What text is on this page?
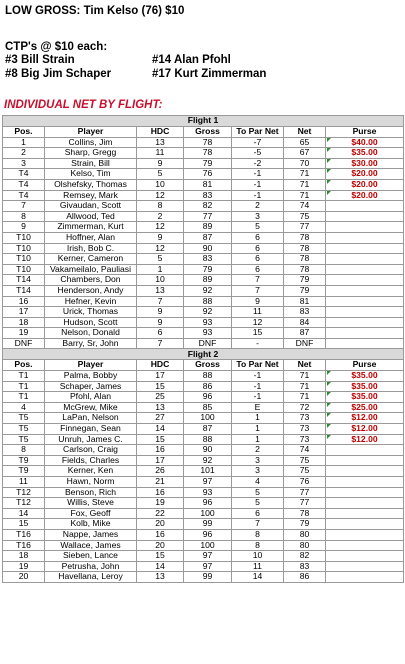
LOW GROSS: Tim Kelso (76) $10
CTP's @ $10 each:
#3 Bill Strain	#14 Alan Pfohl
#8 Big Jim Schaper	#17 Kurt Zimmerman
INDIVIDUAL NET BY FLIGHT:
Flight 1						
Pos.	Player	HDC	Gross	To Par Net	Net	Purse
1	Collins, Jim	13	78	-7	65	$40.00
2	Sharp, Gregg	11	78	-5	67	$35.00
3	Strain, Bill	9	79	-2	70	$30.00
T4	Kelso, Tim	5	76	-1	71	$20.00
T4	Olshefsky, Thomas	10	81	-1	71	$20.00
T4	Remsey, Mark	12	83	-1	71	$20.00
7	Givaudan, Scott	8	82	2	74	
8	Allwood, Ted	2	77	3	75	
9	Zimmerman, Kurt	12	89	5	77	
T10	Hoffner, Alan	9	87	6	78	
T10	Irish, Bob C.	12	90	6	78	
T10	Kerner, Cameron	5	83	6	78	
T10	Vakameilalo, Pauliasi	1	79	6	78	
T14	Chambers, Don	10	89	7	79	
T14	Henderson, Andy	13	92	7	79	
16	Hefner, Kevin	7	88	9	81	
17	Urick, Thomas	9	92	11	83	
18	Hudson, Scott	9	93	12	84	
19	Nelson, Donald	6	93	15	87	
DNF	Barry, Sr, John	7	DNF	-	DNF	
Flight 2						
Pos.	Player	HDC	Gross	To Par Net	Net	Purse
T1	Palma, Bobby	17	88	-1	71	$35.00
T1	Schaper, James	15	86	-1	71	$35.00
T1	Pfohl, Alan	25	96	-1	71	$35.00
4	McGrew, Mike	13	85	E	72	$25.00
T5	LaPan, Nelson	27	100	1	73	$12.00
T5	Finnegan, Sean	14	87	1	73	$12.00
T5	Unruh, James C.	15	88	1	73	$12.00
8	Carlson, Craig	16	90	2	74	
T9	Fields, Charles	17	92	3	75	
T9	Kerner, Ken	26	101	3	75	
11	Hawn, Norm	21	97	4	76	
T12	Benson, Rich	16	93	5	77	
T12	Willis, Steve	19	96	5	77	
14	Fox, Geoff	22	100	6	78	
15	Kolb, Mike	20	99	7	79	
T16	Nappe, James	16	96	8	80	
T16	Wallace, James	20	100	8	80	
18	Sieben, Lance	15	97	10	82	
19	Petrusha, John	14	97	11	83	
20	Havellana, Leroy	13	99	14	86	
